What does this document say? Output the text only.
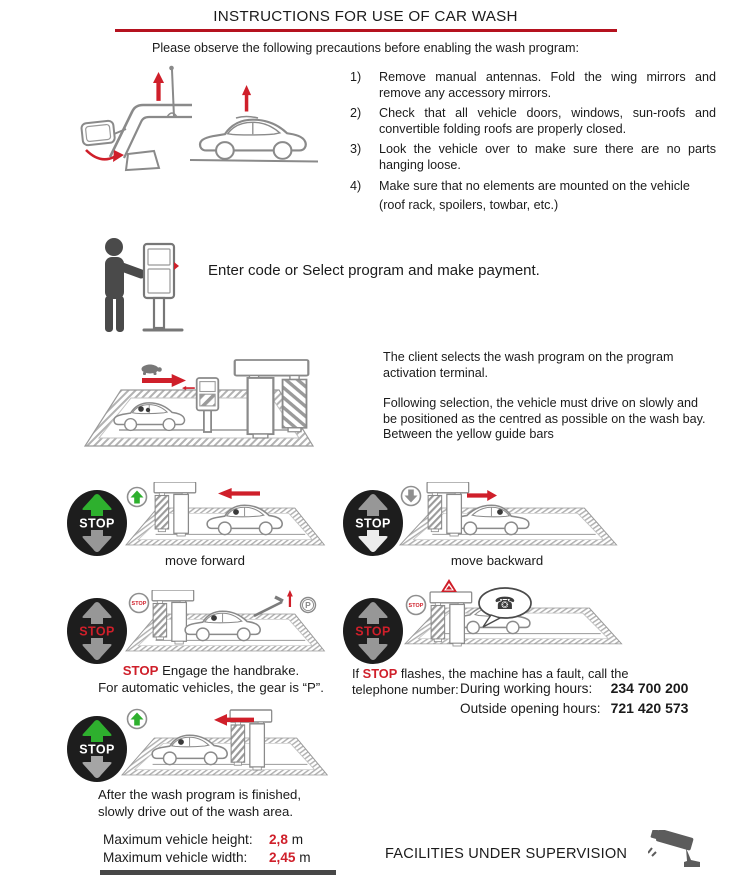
INSTRUCTIONS FOR USE OF CAR WASH
Please observe the following precautions before enabling the wash program:
1)	Remove manual antennas. Fold the wing mirrors and remove any accessory mirrors.
2)	Check that all vehicle doors, windows, sun-roofs and convertible folding roofs are properly closed.
3)	Look the vehicle over to make sure there are no parts hanging loose.
4)	Make sure that no elements are mounted on the vehicle
(roof rack, spoilers, towbar, etc.)
Enter code or Select program and make payment.
The client selects the wash program on the program activation terminal.
Following selection, the vehicle must drive on slowly and be positioned as the centred as possible on the wash bay. Between the yellow guide bars
STOP
move forward
STOP
move backward
STOP
STOP	P
STOP Engage the handbrake.
For automatic vehicles, the gear is “P”.
STOP
STOP	☎
If STOP flashes, the machine has a fault, call the
telephone number: During working hours:	234 700 200
Outside opening hours: 721 420 573
STOP
After the wash program is finished,
slowly drive out of the wash area.
Maximum vehicle height: 2,8 m
Maximum vehicle width: 2,45 m	FACILITIES UNDER SUPERVISION
